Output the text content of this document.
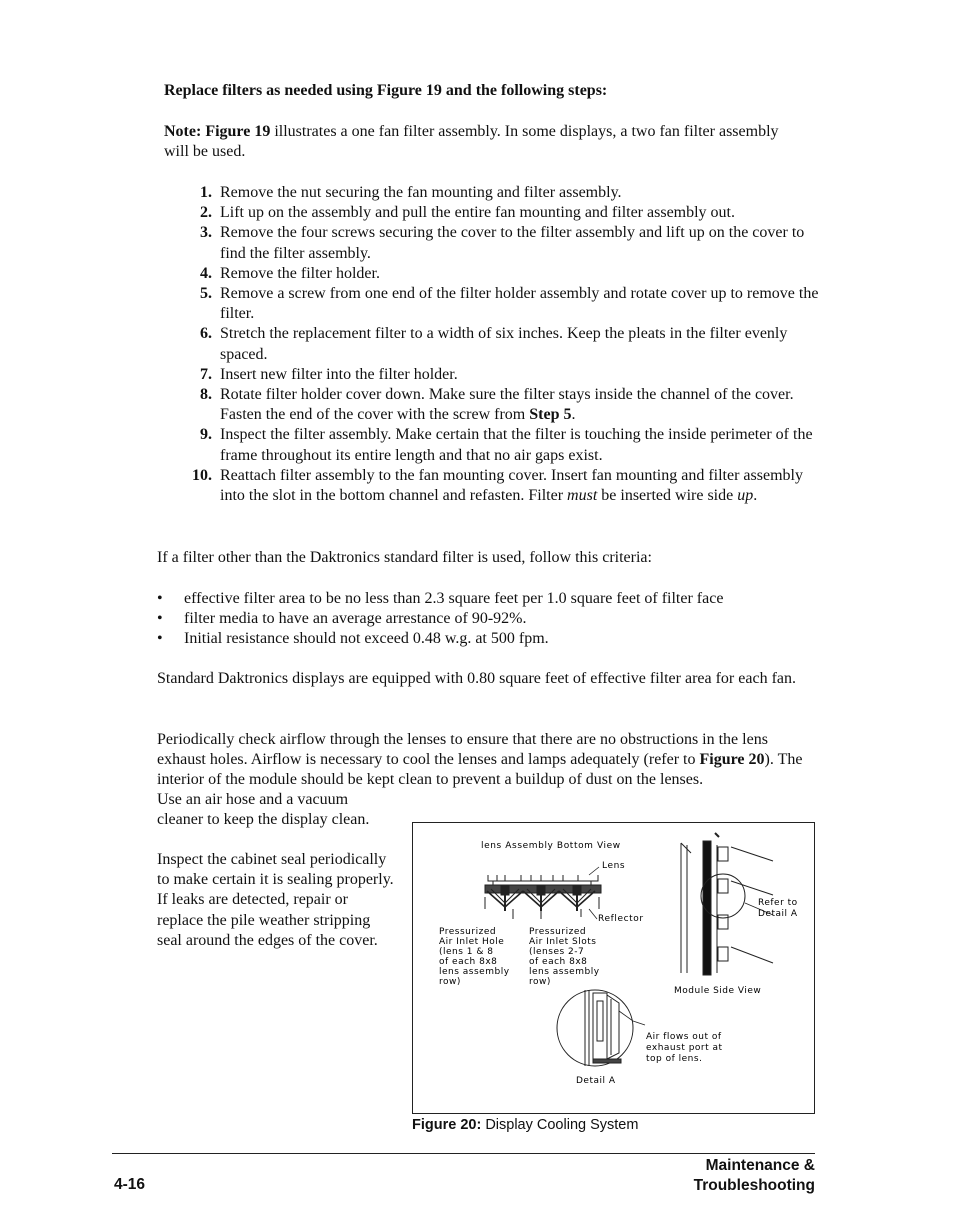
Replace filters as needed using Figure 19 and the following steps:
Note: Figure 19 illustrates a one fan filter assembly. In some displays, a two fan filter assembly will be used.
1. Remove the nut securing the fan mounting and filter assembly.
2. Lift up on the assembly and pull the entire fan mounting and filter assembly out.
3. Remove the four screws securing the cover to the filter assembly and lift up on the cover to find the filter assembly.
4. Remove the filter holder.
5. Remove a screw from one end of the filter holder assembly and rotate cover up to remove the filter.
6. Stretch the replacement filter to a width of six inches. Keep the pleats in the filter evenly spaced.
7. Insert new filter into the filter holder.
8. Rotate filter holder cover down. Make sure the filter stays inside the channel of the cover. Fasten the end of the cover with the screw from Step 5.
9. Inspect the filter assembly. Make certain that the filter is touching the inside perimeter of the frame throughout its entire length and that no air gaps exist.
10. Reattach filter assembly to the fan mounting cover. Insert fan mounting and filter assembly into the slot in the bottom channel and refasten. Filter must be inserted wire side up.
If a filter other than the Daktronics standard filter is used, follow this criteria:
•	effective filter area to be no less than 2.3 square feet per 1.0 square feet of filter face
•	filter media to have an average arrestance of 90-92%.
•	Initial resistance should not exceed 0.48 w.g. at 500 fpm.
Standard Daktronics displays are equipped with 0.80 square feet of effective filter area for each fan.
Periodically check airflow through the lenses to ensure that there are no obstructions in the lens exhaust holes. Airflow is necessary to cool the lenses and lamps adequately (refer to Figure 20). The interior of the module should be kept clean to prevent a buildup of dust on the lenses.
Use an air hose and a vacuum
cleaner to keep the display clean.
Inspect the cabinet seal periodically to make certain it is sealing properly. If leaks are detected, repair or replace the pile weather stripping seal around the edges of the cover.
lens Assembly Bottom View
Lens
Reflector
Pressurized
Air Inlet Hole
(lens 1 & 8
of each 8x8
lens assembly
row)
Pressurized
Air Inlet Slots
(lenses 2-7
of each 8x8
lens assembly
row)
Refer to
Detail A
Module Side View
Air flows out of
exhaust port at
top of lens.
Detail A
Figure 20: Display Cooling System
Maintenance &
Troubleshooting
4-16
